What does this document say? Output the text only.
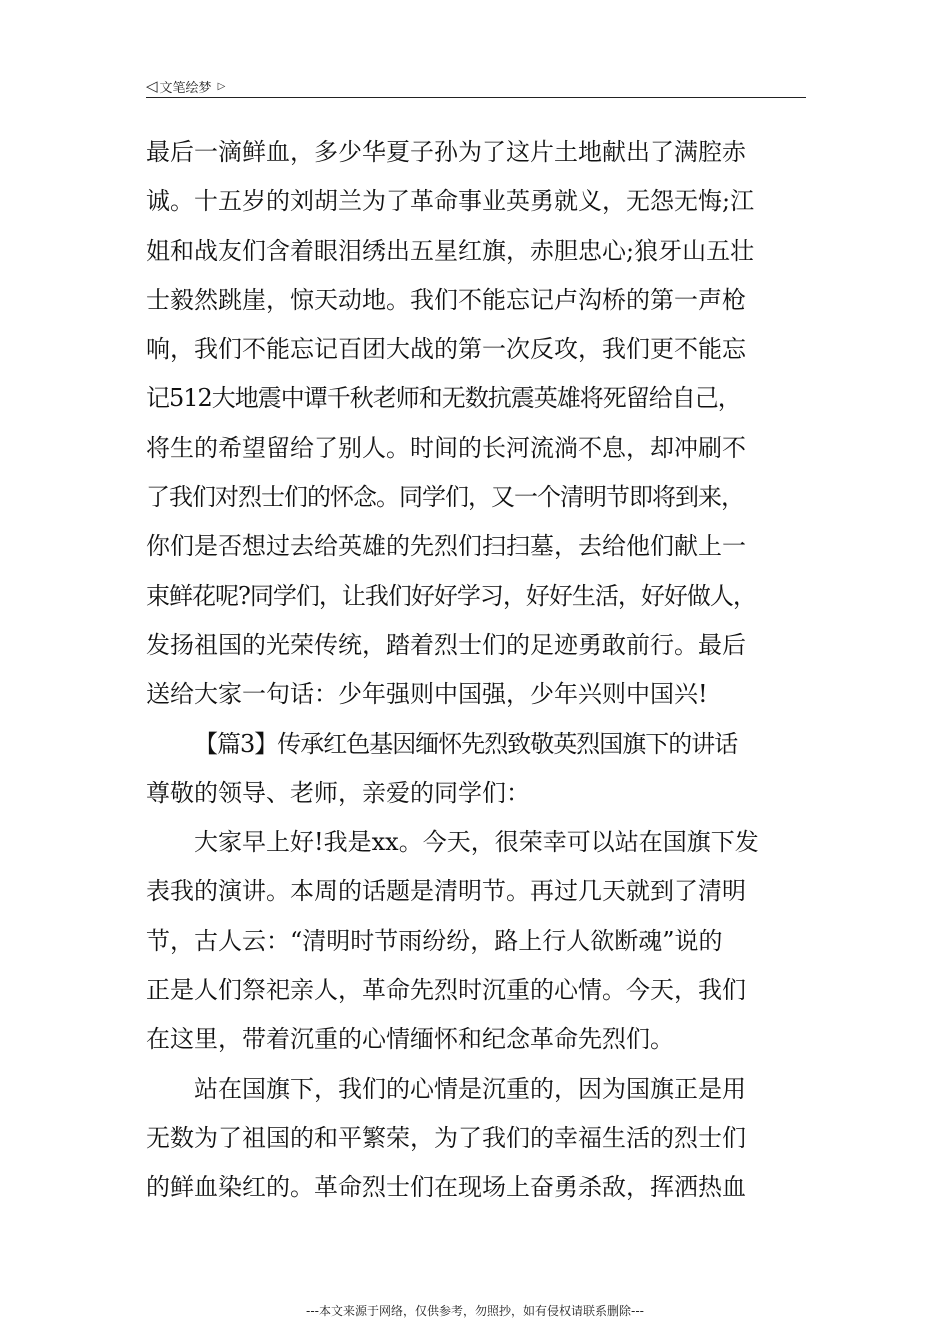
◁ 文笔绘梦 ▷

最后一滴鲜血，多少华夏子孙为了这片土地献出了满腔赤

诚。十五岁的刘胡兰为了革命事业英勇就义，无怨无悔;江

姐和战友们含着眼泪绣出五星红旗，赤胆忠心;狼牙山五壮

士毅然跳崖，惊天动地。我们不能忘记卢沟桥的第一声枪

响，我们不能忘记百团大战的第一次反攻，我们更不能忘

记512大地震中谭千秋老师和无数抗震英雄将死留给自己，

将生的希望留给了别人。时间的长河流淌不息，却冲刷不

了我们对烈士们的怀念。同学们，又一个清明节即将到来，

你们是否想过去给英雄的先烈们扫扫墓，去给他们献上一

束鲜花呢?同学们，让我们好好学习，好好生活，好好做人，

发扬祖国的光荣传统，踏着烈士们的足迹勇敢前行。最后

送给大家一句话：少年强则中国强，少年兴则中国兴!

【篇3】传承红色基因缅怀先烈致敬英烈国旗下的讲话

尊敬的领导、老师，亲爱的同学们：

大家早上好!我是xx。今天，很荣幸可以站在国旗下发

表我的演讲。本周的话题是清明节。再过几天就到了清明

节，古人云：“清明时节雨纷纷，路上行人欲断魂”说的

正是人们祭祀亲人，革命先烈时沉重的心情。今天，我们

在这里，带着沉重的心情缅怀和纪念革命先烈们。

站在国旗下，我们的心情是沉重的，因为国旗正是用

无数为了祖国的和平繁荣，为了我们的幸福生活的烈士们

的鲜血染红的。革命烈士们在现场上奋勇杀敌，挥洒热血

---本文来源于网络，仅供参考，勿照抄，如有侵权请联系删除---
